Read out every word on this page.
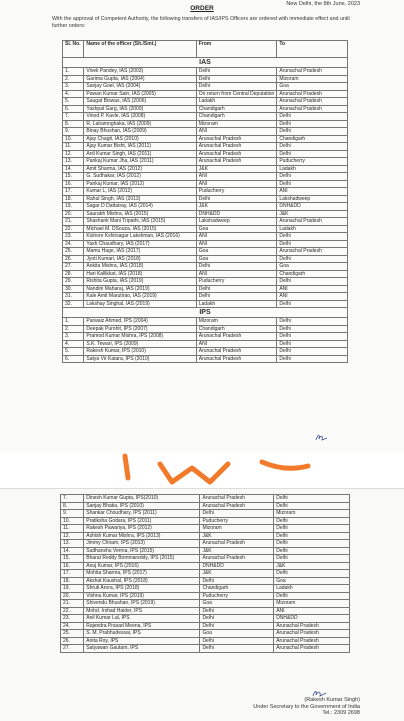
New Delhi, the 8th June, 2023
ORDER
With the approval of Competent Authority, the following transfers of IAS/IPS Officers are ordered with immediate effect and until further orders:
SI. No.	Name of the officer (Sh./Smt.)	From	To
IAS			
1.	Vivek Pandey, IAS (2003)	Delhi	Arunachal Pradesh
2.	Garima Gupta, IAS (2004)	Delhi	Mizoram
3.	Sanjay Goel, IAS (2004)	Delhi	Goa
4.	Pawan Kumar Sain, IAS (2005)	On return from Central Deputation	Arunachal Pradesh
5.	Saugat Biswas, IAS (2006)	Ladakh	Arunachal Pradesh
6.	Yashpal Garg, IAS (2009)	Chandigarh	Arunachal Pradesh
7.	Vinod P. Kavle, IAS (2008)	Chandigarh	Delhi
8.	R. Lalramnghaka, IAS (2009)	Mizoram	Delhi
9.	Binay Bhushan, IAS (2009)	ANI	Delhi
10.	Ajay Chagti, IAS (2010)	Arunachal Pradesh	Chandigarh
11.	Ajay Kumar Bisht, IAS (2011)	Arunachal Pradesh	Delhi
12.	Anil Kumar Singh, IAS (2011)	Arunachal Pradesh	Delhi
13.	Pankaj Kumar Jha, IAS (2011)	Arunachal Pradesh	Puducherry
14.	Amit Sharma, IAS (2012)	J&K	Ladakh
15.	G. Sudhakar, IAS (2012)	ANI	Delhi
16.	Pankaj Kumar, IAS (2012)	ANI	Delhi
17.	Kumar L, IAS (2012)	Puducherry	ANI
18.	Rahul Singh, IAS (2013)	Delhi	Lakshadweep
19.	Sagar D Dattatray, IAS (2014)	J&K	DNH&DD
20.	Saurabh Mishra, IAS (2015)	DNH&DD	J&K
21.	Shashank Mani Tripathi, IAS (2015)	Lakshadweep	Arunachal Pradesh
22.	Michael M. DSouza, IAS (2015)	Goa	Ladakh
23.	Kishore Kshirsagar Lakshman, IAS (2016)	ANI	Delhi
24.	Yash Chaudhary, IAS (2017)	ANI	Delhi
25.	Mamu Hage, IAS (2017)	Goa	Arunachal Pradesh
26.	Jyoti Kumari, IAS (2018)	Goa	Delhi
27.	Ankita Mishra, IAS (2018)	Delhi	Goa
28.	Hari Kallikkat, IAS (2018)	ANI	Chandigarh
29.	Rishita Gupta, IAS (2019)	Puducherry	Delhi
30.	Nandini Maharaj, IAS (2019)	Delhi	ANI
31.	Kale Amit Marutirao, IAS (2019)	Delhi	ANI
32.	Lakshay Singhal, IAS (2019)	Ladakh	Delhi
IPS			
1.	Parwaiz Ahmed, IPS (2004)	Mizoram	Delhi
2.	Deepak Purohit, IPS (2007)	Chandigarh	Delhi
3.	Pramod Kumar Mishra, IPS (2008)	Arunachal Pradesh	Delhi
4.	S.K. Tewari, IPS (2009)	ANI	Delhi
5.	Rakesh Kumar, IPS (2010)	Arunachal Pradesh	Delhi
6.	Satya Vir Katara, IPS (2010)	Arunachal Pradesh	Delhi
7.	Dinesh Kumar Gupta, IPS(2010)	Arunachal Pradesh	Delhi
8.	Sanjay Bhatia, IPS (2010)	Arunachal Pradesh	Delhi
9.	Shankar Choudhary, IPS (2011)	Delhi	Mizoram
10.	Pratiksha Godara, IPS (2011)	Puducherry	Delhi
11.	Rakesh Pawariya, IPS (2012)	Mizoram	Delhi
12.	Ashish Kumar Mishra, IPS (2013)	J&K	Delhi
13.	Jimmy Chiram, IPS (2013)	Arunachal Pradesh	Delhi
14.	Sudhanshu Verma, IPS (2015)	J&K	Delhi
15.	Bharat Reddy Bommareddy, IPS (2015)	Arunachal Pradesh	Delhi
16.	Anuj Kumar, IPS (2016)	DNH&DD	J&K
17.	Mohita Sharma, IPS (2017)	J&K	Delhi
18.	Akshat Kaushal, IPS (2018)	Delhi	Goa
19.	Shruti Arora, IPS (2018)	Chandigarh	Ladakh
20.	Vishnu Kumar, IPS (2019)	Puducherry	Delhi
21.	Shivendu Bhushan, IPS (2019)	Goa	Mizoram
22.	Mohd. Irshad Haider, IPS	Delhi	ANI
23.	Anil Kumar Lal, IPS	Delhi	DNH&DD
24.	Rajendra Prasad Meena, IPS	Delhi	Arunachal Pradesh
25.	S. M. Prabhudessai, IPS	Goa	Arunachal Pradesh
26.	Anita Roy, IPS	Delhi	Arunachal Pradesh
27.	Satyawan Gautam, IPS	Delhi	Arunachal Pradesh
(Rakesh Kumar Singh)
Under Secretary to the Government of India
Tel.: 2309 2698
